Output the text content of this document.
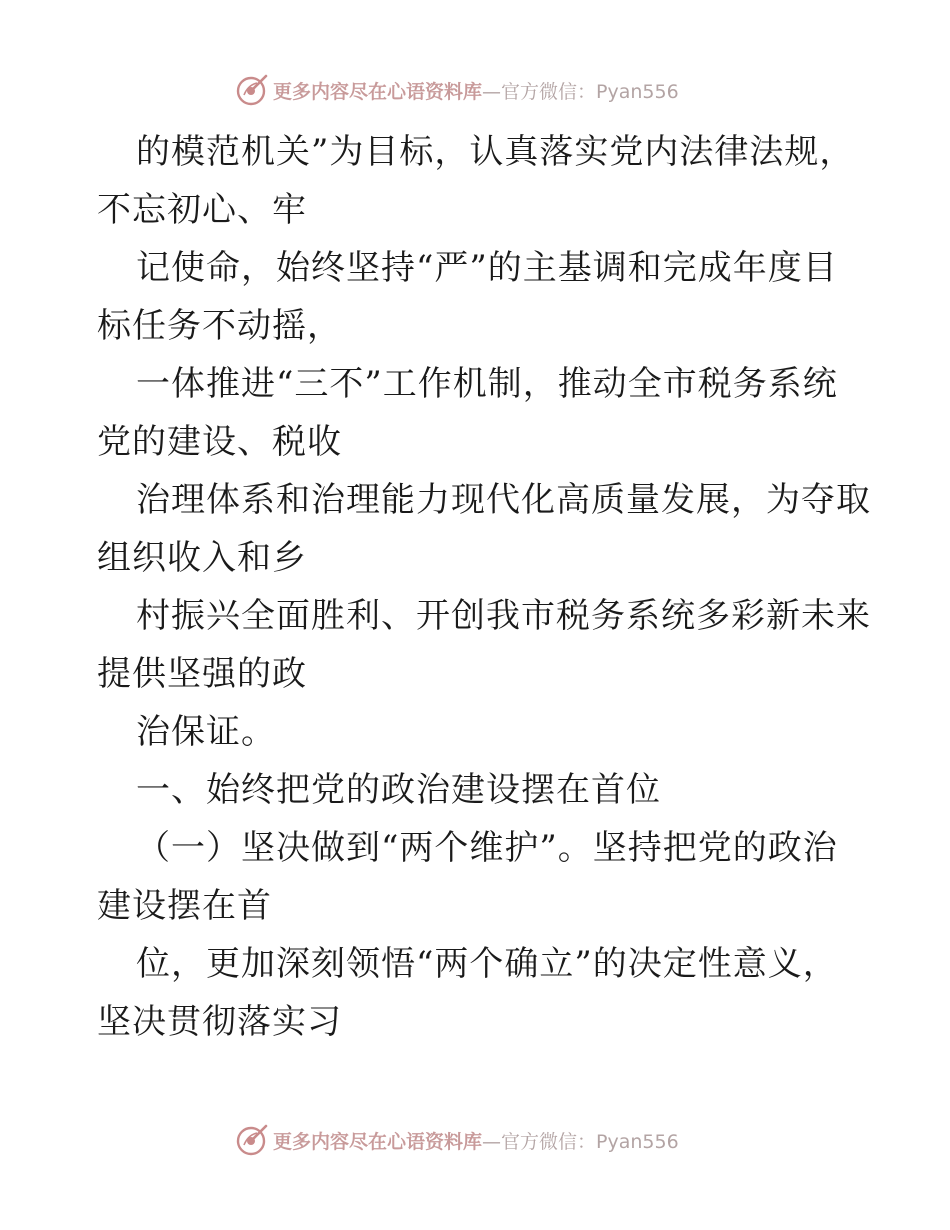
更多内容尽在心语资料库 —官方微信：Pyan556
的模范机关”为目标，认真落实党内法律法规，
不忘初心、牢
记使命，始终坚持“严”的主基调和完成年度目
标任务不动摇，
一体推进“三不”工作机制，推动全市税务系统
党的建设、税收
治理体系和治理能力现代化高质量发展，为夺取
组织收入和乡
村振兴全面胜利、开创我市税务系统多彩新未来
提供坚强的政
治保证。
一、始终把党的政治建设摆在首位
（一）坚决做到“两个维护”。坚持把党的政治
建设摆在首
位，更加深刻领悟“两个确立”的决定性意义，
坚决贯彻落实习
更多内容尽在心语资料库 —官方微信：Pyan556
